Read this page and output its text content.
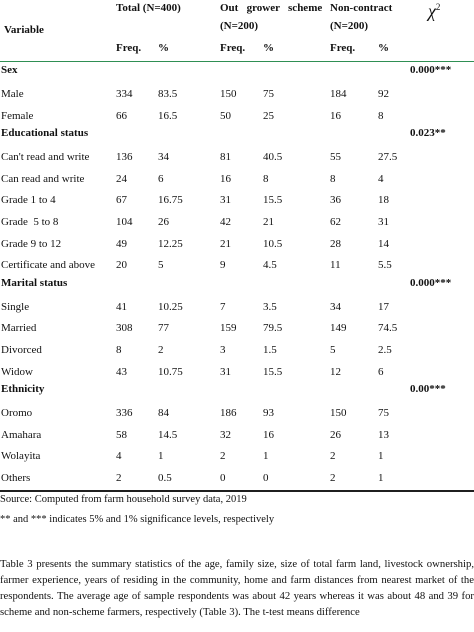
Total (N=400)	Out   grower   scheme
(N=200)
Non-contract
(N=200)
$\chi^2$
Variable
Freq. %	Freq. %	Freq. %
Sex	0.000***
Male	334 83.5	150 75	184	92
Female	66	16.5	50	25	16	8
Educational status	0.023**
Can't read and write 136 34	81	40.5	55	27.5
Can read and write	24	6	16	8	8	4
Grade 1 to 4	67	16.75	31	15.5	36	18
Grade  5 to 8	104 26	42	21	62	31
Grade 9 to 12	49	12.25	21	10.5	28	14
Certificate and above 20	5	9	4.5	11	5.5
Marital status	0.000***
Single	41	10.25	7	3.5	34	17
Married	308 77	159 79.5	149	74.5
Divorced	8	2	3	1.5	5	2.5
Widow	43	10.75	31	15.5	12	6
Ethnicity	0.00***
Oromo	336 84	186 93	150	75
Amahara	58	14.5	32	16	26	13
Wolayita	4	1	2	1	2	1
Others	2	0.5	0	0	2	1
Source: Computed from farm household survey data, 2019
** and *** indicates 5% and 1% significance levels, respectively
Table 3 presents the summary statistics of the age, family size, size of total farm land, livestock ownership, farmer experience, years of residing in the community, home and farm distances from nearest market of the respondents. The average age of sample respondents was about 42 years whereas it was about 48 and 39 for scheme and non-scheme farmers, respectively (Table 3). The t-test means difference
